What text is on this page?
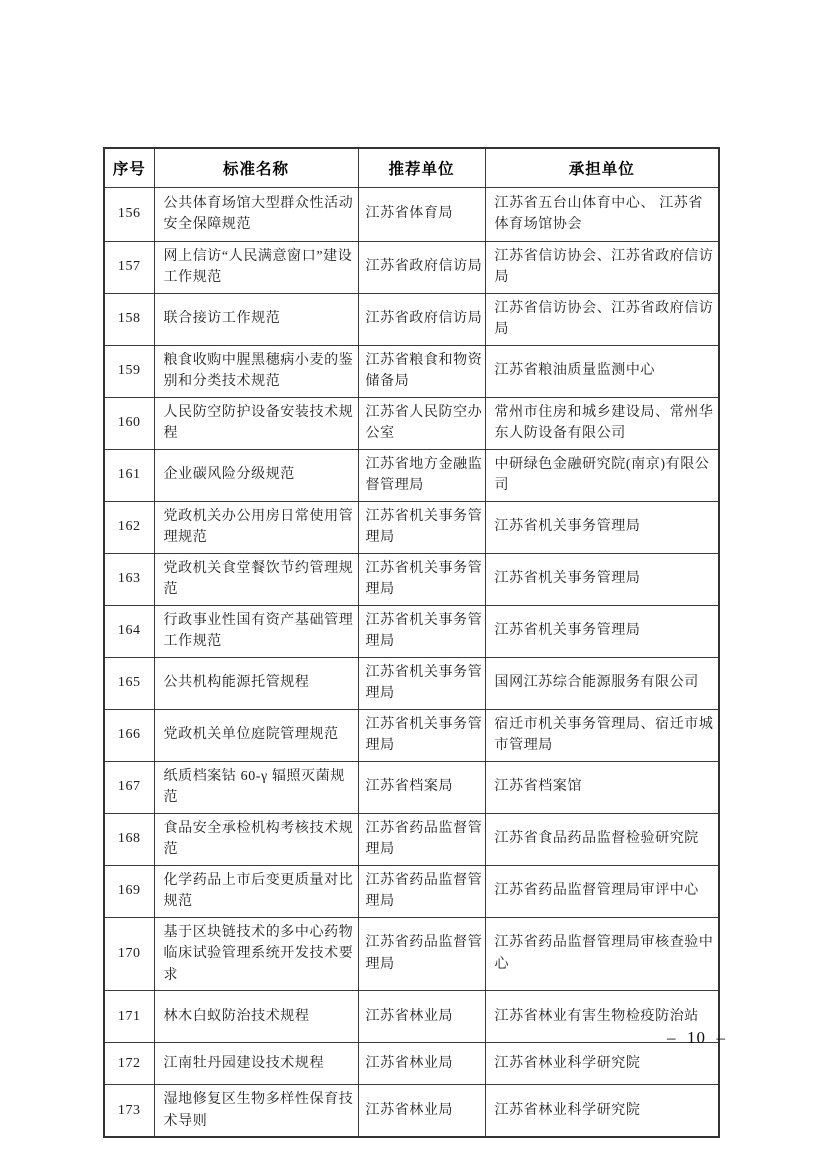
序号	标准名称	推荐单位	承担单位
156	公共体育场馆大型群众性活动安全保障规范	江苏省体育局	江苏省五台山体育中心、 江苏省体育场馆协会
157	网上信访“人民满意窗口”建设工作规范	江苏省政府信访局	江苏省信访协会、江苏省政府信访局
158	联合接访工作规范	江苏省政府信访局	江苏省信访协会、江苏省政府信访局
159	粮食收购中腥黑穗病小麦的鉴别和分类技术规范	江苏省粮食和物资储备局	江苏省粮油质量监测中心
160	人民防空防护设备安装技术规程	江苏省人民防空办公室	常州市住房和城乡建设局、常州华东人防设备有限公司
161	企业碳风险分级规范	江苏省地方金融监督管理局	中研绿色金融研究院(南京)有限公司
162	党政机关办公用房日常使用管理规范	江苏省机关事务管理局	江苏省机关事务管理局
163	党政机关食堂餐饮节约管理规范	江苏省机关事务管理局	江苏省机关事务管理局
164	行政事业性国有资产基础管理工作规范	江苏省机关事务管理局	江苏省机关事务管理局
165	公共机构能源托管规程	江苏省机关事务管理局	国网江苏综合能源服务有限公司
166	党政机关单位庭院管理规范	江苏省机关事务管理局	宿迁市机关事务管理局、宿迁市城市管理局
167	纸质档案钴 60-γ 辐照灭菌规范	江苏省档案局	江苏省档案馆
168	食品安全承检机构考核技术规范	江苏省药品监督管理局	江苏省食品药品监督检验研究院
169	化学药品上市后变更质量对比规范	江苏省药品监督管理局	江苏省药品监督管理局审评中心
170	基于区块链技术的多中心药物临床试验管理系统开发技术要求	江苏省药品监督管理局	江苏省药品监督管理局审核查验中心
171	林木白蚁防治技术规程	江苏省林业局	江苏省林业有害生物检疫防治站
172	江南牡丹园建设技术规程	江苏省林业局	江苏省林业科学研究院
173	湿地修复区生物多样性保育技术导则	江苏省林业局	江苏省林业科学研究院
–  10  –
